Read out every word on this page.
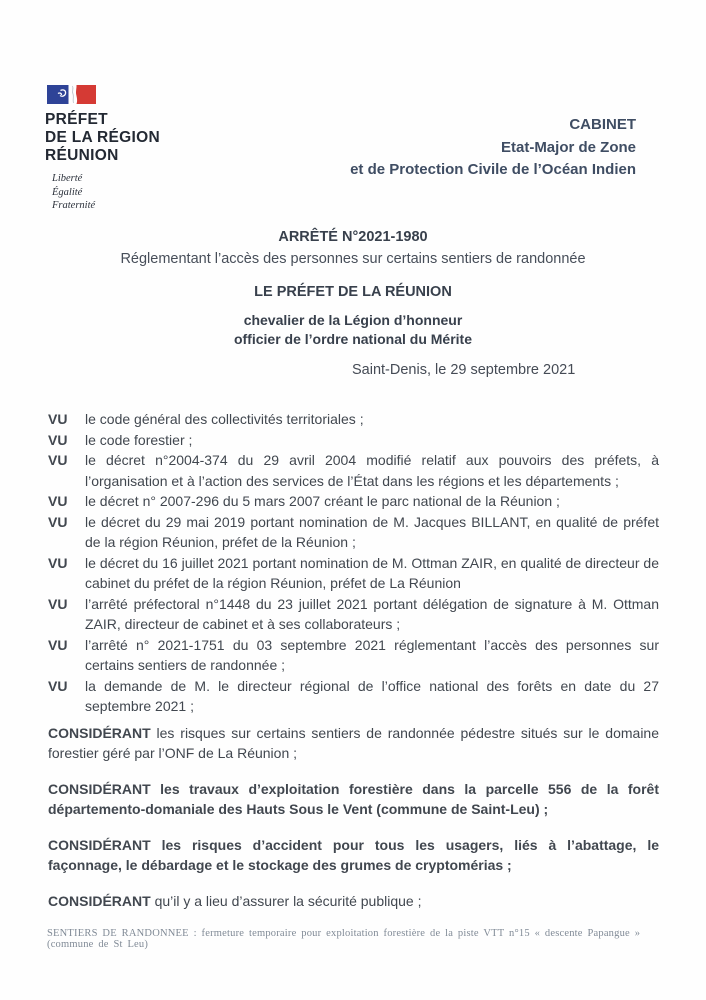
PRÉFET
DE LA RÉGION
RÉUNION
Liberté
Égalité
Fraternité
CABINET
Etat-Major de Zone
et de Protection Civile de l’Océan Indien
ARRÊTÉ N°2021-1980
Réglementant l’accès des personnes sur certains sentiers de randonnée
LE PRÉFET DE LA RÉUNION
chevalier de la Légion d’honneur
officier de l’ordre national du Mérite
Saint-Denis, le 29 septembre 2021
VU	le code général des collectivités territoriales ;
VU	le code forestier ;
VU	le décret n°2004-374 du 29 avril 2004 modifié relatif aux pouvoirs des préfets, à l’organisation et à l’action des services de l’État dans les régions et les départements ;
VU	le décret n° 2007-296 du 5 mars 2007 créant le parc national de la Réunion ;
VU	le décret du 29 mai 2019 portant nomination de M. Jacques BILLANT, en qualité de préfet de la région Réunion, préfet de la Réunion ;
VU	le décret du 16 juillet 2021 portant nomination de M. Ottman ZAIR, en qualité de directeur de cabinet du préfet de la région Réunion, préfet de La Réunion
VU	l’arrêté préfectoral n°1448 du 23 juillet 2021 portant délégation de signature à M. Ottman ZAIR, directeur de cabinet et à ses collaborateurs ;
VU	l’arrêté n° 2021-1751 du 03 septembre 2021 réglementant l’accès des personnes sur certains sentiers de randonnée ;
VU	la demande de M. le directeur régional de l’office national des forêts en date du 27 septembre 2021 ;

CONSIDÉRANT les risques sur certains sentiers de randonnée pédestre situés sur le domaine forestier géré par l’ONF de La Réunion ;

CONSIDÉRANT les travaux d’exploitation forestière dans la parcelle 556 de la forêt départemento-domaniale des Hauts Sous le Vent (commune de Saint-Leu) ;

CONSIDÉRANT les risques d’accident pour tous les usagers, liés à l’abattage, le façonnage, le débardage et le stockage des grumes de cryptomérias ;

CONSIDÉRANT qu’il y a lieu d’assurer la sécurité publique ;

SENTIERS DE RANDONNEE : fermeture temporaire pour exploitation forestière de la piste VTT n°15 « descente Papangue » (commune de St Leu)
